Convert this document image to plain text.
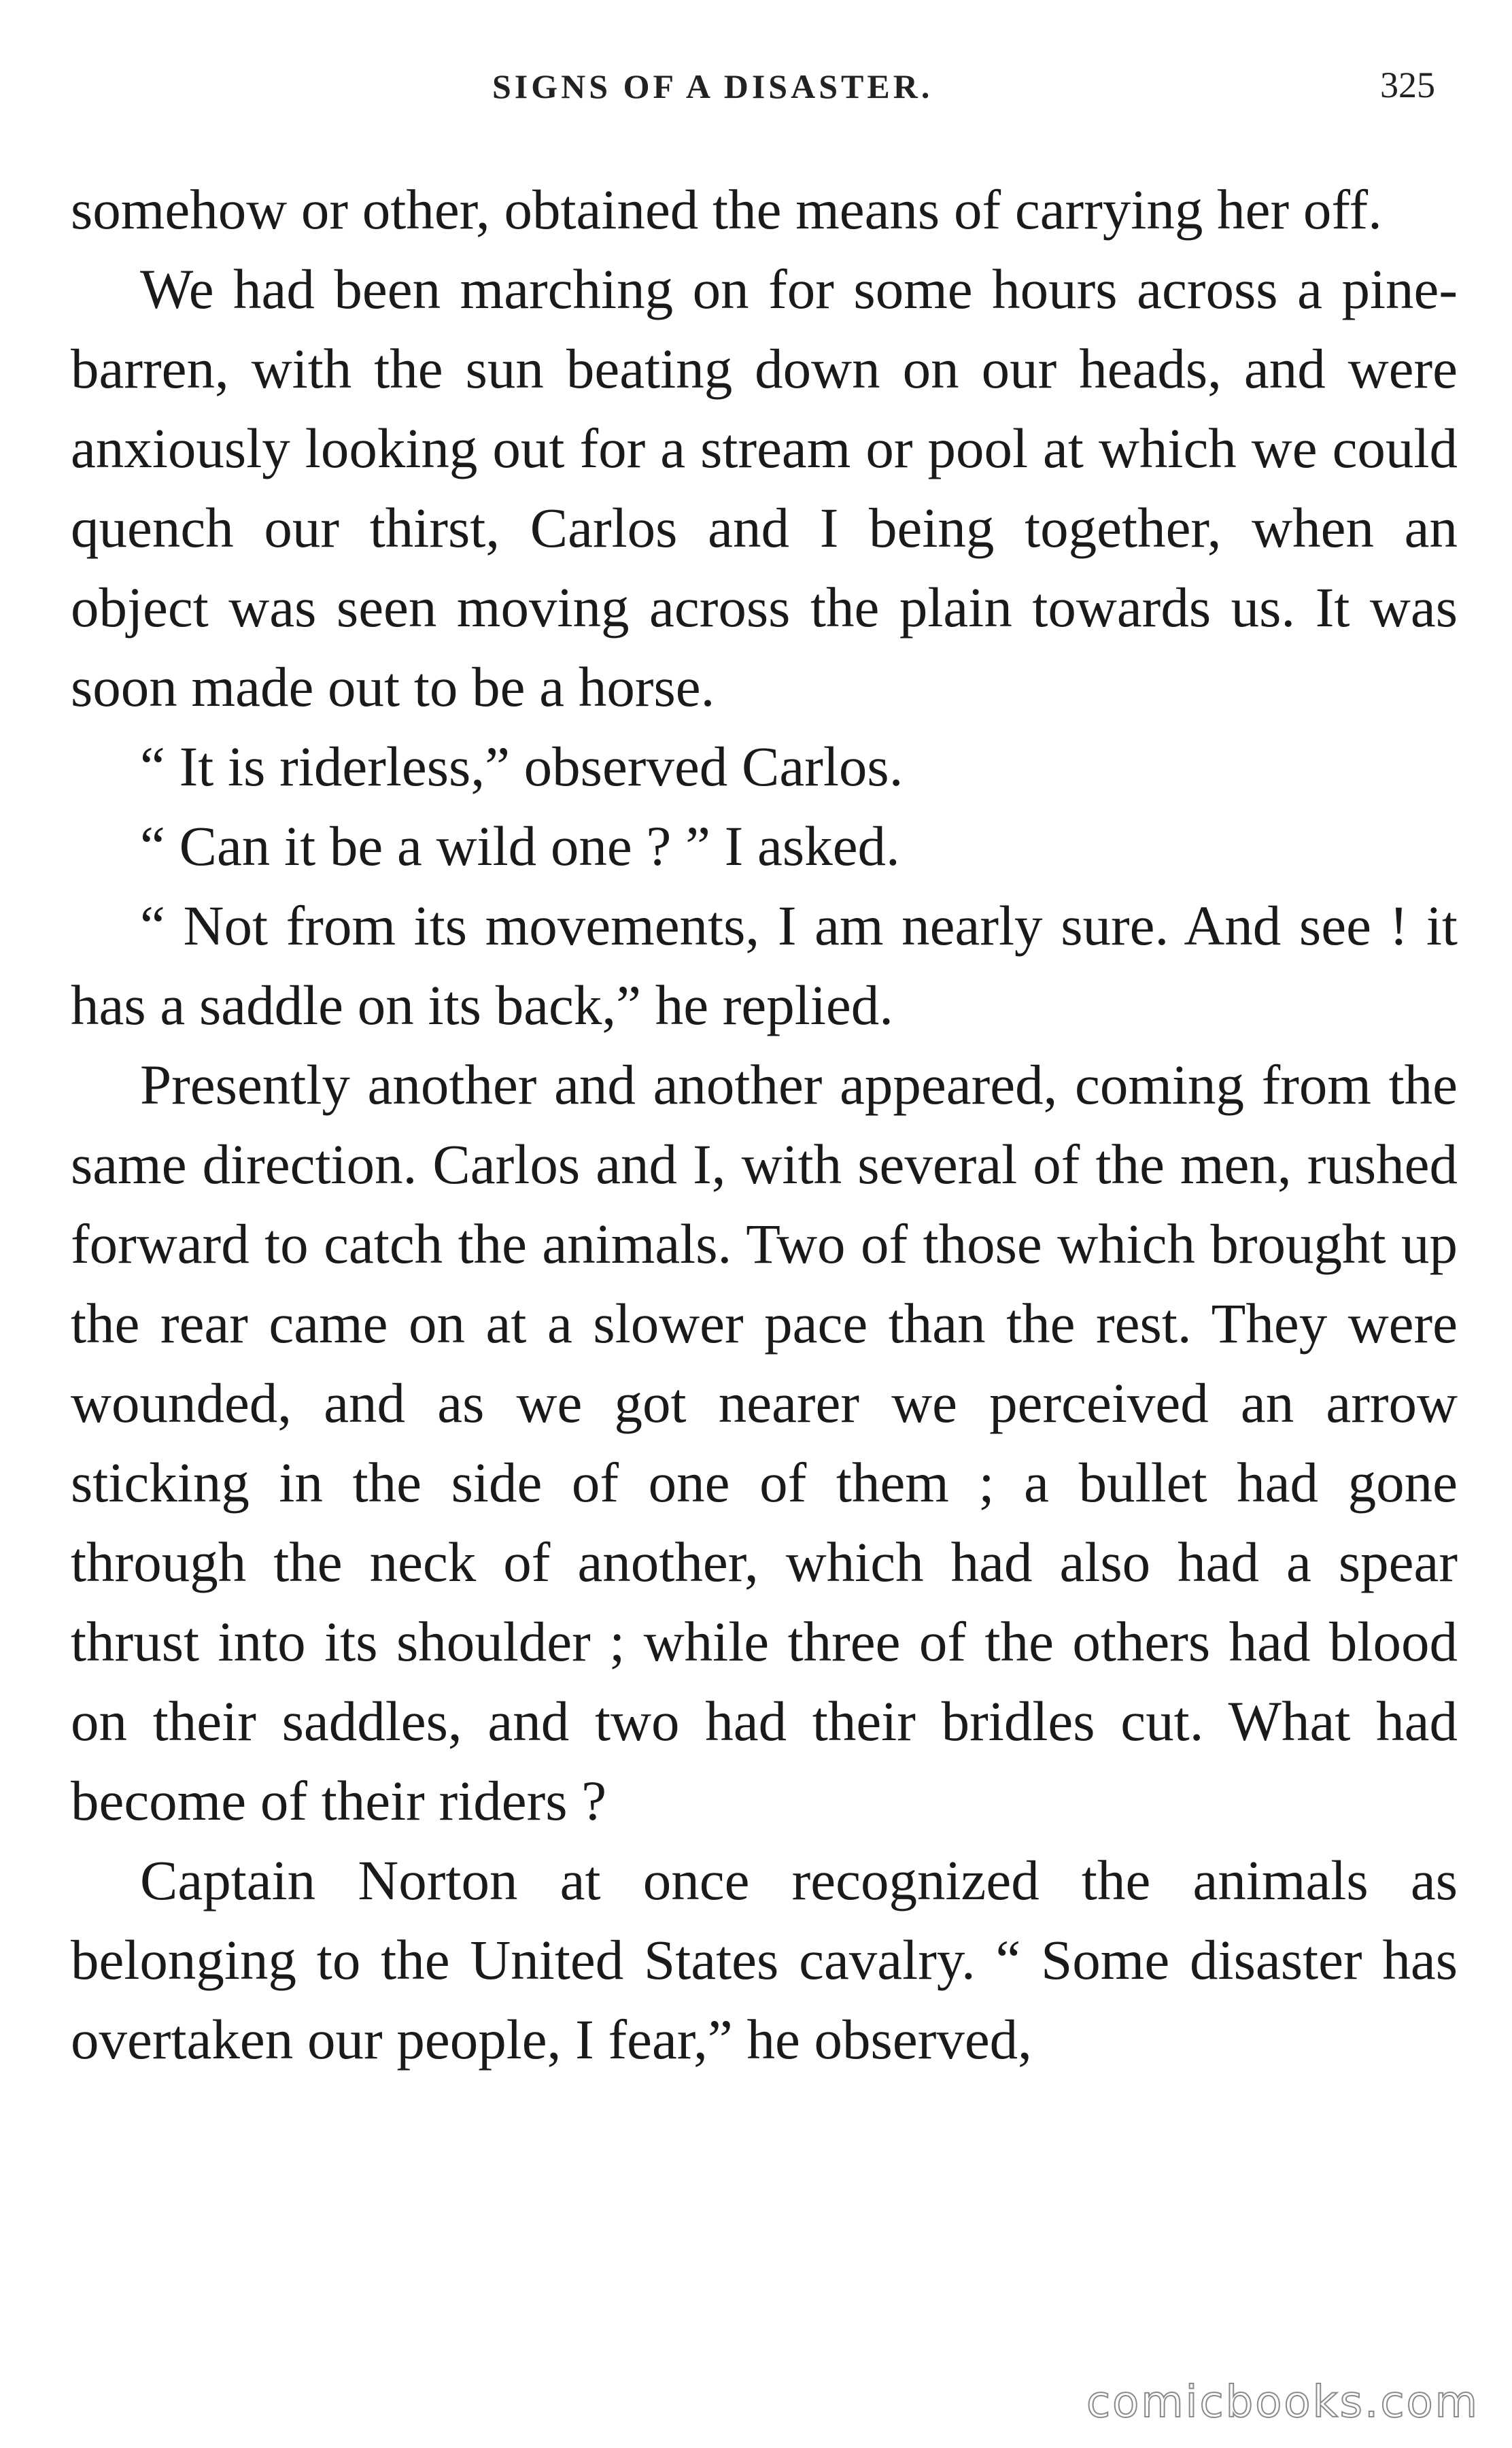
SIGNS OF A DISASTER.	325

somehow or other, obtained the means of carrying her off.

We had been marching on for some hours across a pine-barren, with the sun beating down on our heads, and were anxiously looking out for a stream or pool at which we could quench our thirst, Carlos and I being together, when an object was seen moving across the plain towards us. It was soon made out to be a horse.

“ It is riderless,” observed Carlos.

“ Can it be a wild one ? ” I asked.

“ Not from its movements, I am nearly sure. And see ! it has a saddle on its back,” he replied.

Presently another and another appeared, coming from the same direction. Carlos and I, with several of the men, rushed forward to catch the animals. Two of those which brought up the rear came on at a slower pace than the rest. They were wounded, and as we got nearer we perceived an arrow sticking in the side of one of them ; a bullet had gone through the neck of another, which had also had a spear thrust into its shoulder ; while three of the others had blood on their saddles, and two had their bridles cut. What had become of their riders ?

Captain Norton at once recognized the animals as belonging to the United States cavalry. “ Some disaster has overtaken our people, I fear,” he observed,

comicbooks.com
